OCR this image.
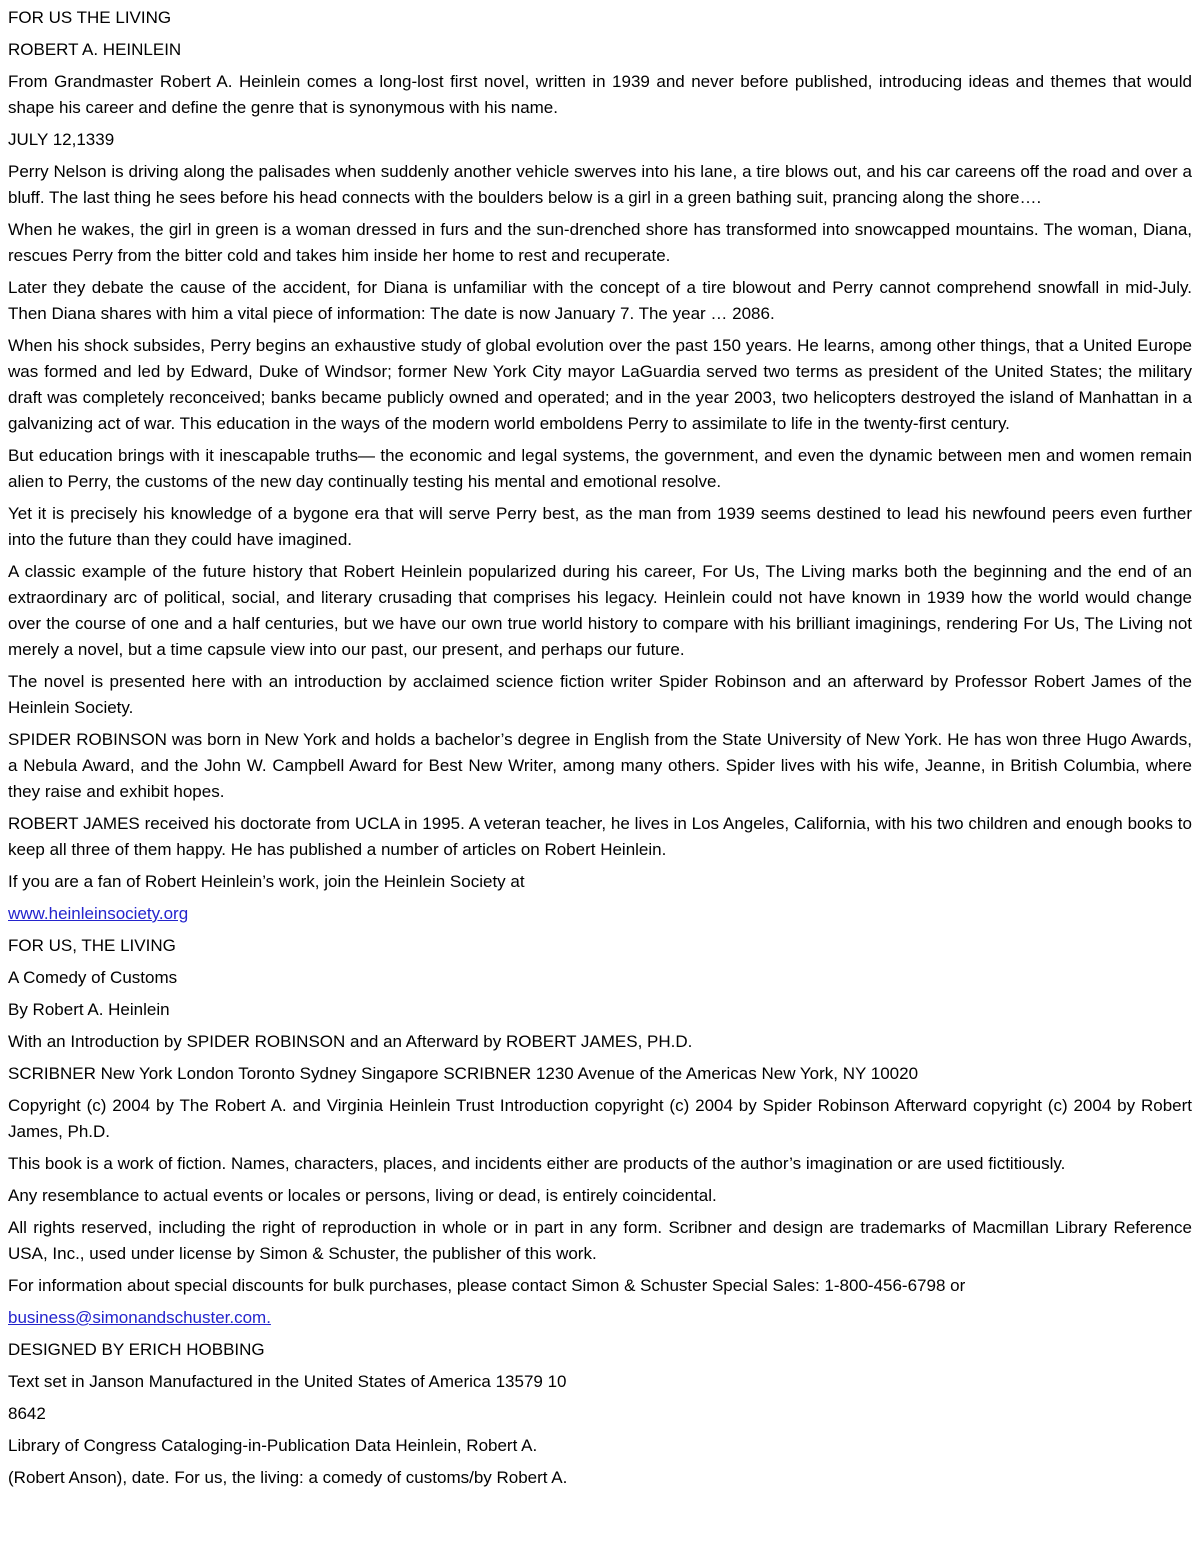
FOR US THE LIVING

ROBERT A. HEINLEIN

From Grandmaster Robert A. Heinlein comes a long-lost first novel, written in 1939 and never before published, introducing ideas and themes that would shape his career and define the genre that is synonymous with his name.

JULY 12,1339

Perry Nelson is driving along the palisades when suddenly another vehicle swerves into his lane, a tire blows out, and his car careens off the road and over a bluff. The last thing he sees before his head connects with the boulders below is a girl in a green bathing suit, prancing along the shore….

When he wakes, the girl in green is a woman dressed in furs and the sun-drenched shore has transformed into snowcapped mountains. The woman, Diana, rescues Perry from the bitter cold and takes him inside her home to rest and recuperate.

Later they debate the cause of the accident, for Diana is unfamiliar with the concept of a tire blowout and Perry cannot comprehend snowfall in mid-July. Then Diana shares with him a vital piece of information: The date is now January 7. The year … 2086.

When his shock subsides, Perry begins an exhaustive study of global evolution over the past 150 years. He learns, among other things, that a United Europe was formed and led by Edward, Duke of Windsor; former New York City mayor LaGuardia served two terms as president of the United States; the military draft was completely reconceived; banks became publicly owned and operated; and in the year 2003, two helicopters destroyed the island of Manhattan in a galvanizing act of war. This education in the ways of the modern world emboldens Perry to assimilate to life in the twenty-first century.

But education brings with it inescapable truths— the economic and legal systems, the government, and even the dynamic between men and women remain alien to Perry, the customs of the new day continually testing his mental and emotional resolve.

Yet it is precisely his knowledge of a bygone era that will serve Perry best, as the man from 1939 seems destined to lead his newfound peers even further into the future than they could have imagined.

A classic example of the future history that Robert Heinlein popularized during his career, For Us, The Living marks both the beginning and the end of an extraordinary arc of political, social, and literary crusading that comprises his legacy. Heinlein could not have known in 1939 how the world would change over the course of one and a half centuries, but we have our own true world history to compare with his brilliant imaginings, rendering For Us, The Living not merely a novel, but a time capsule view into our past, our present, and perhaps our future.

The novel is presented here with an introduction by acclaimed science fiction writer Spider Robinson and an afterward by Professor Robert James of the Heinlein Society.

SPIDER ROBINSON was born in New York and holds a bachelor’s degree in English from the State University of New York. He has won three Hugo Awards, a Nebula Award, and the John W. Campbell Award for Best New Writer, among many others. Spider lives with his wife, Jeanne, in British Columbia, where they raise and exhibit hopes.

ROBERT JAMES received his doctorate from UCLA in 1995. A veteran teacher, he lives in Los Angeles, California, with his two children and enough books to keep all three of them happy. He has published a number of articles on Robert Heinlein.

If you are a fan of Robert Heinlein’s work, join the Heinlein Society at

www.heinleinsociety.org

FOR US, THE LIVING

A Comedy of Customs

By Robert A. Heinlein

With an Introduction by SPIDER ROBINSON and an Afterward by ROBERT JAMES, PH.D.

SCRIBNER New York London Toronto Sydney Singapore SCRIBNER 1230 Avenue of the Americas New York, NY 10020

Copyright (c) 2004 by The Robert A. and Virginia Heinlein Trust Introduction copyright (c) 2004 by Spider Robinson Afterward copyright (c) 2004 by Robert James, Ph.D.

This book is a work of fiction. Names, characters, places, and incidents either are products of the author’s imagination or are used fictitiously.

Any resemblance to actual events or locales or persons, living or dead, is entirely coincidental.

All rights reserved, including the right of reproduction in whole or in part in any form. Scribner and design are trademarks of Macmillan Library Reference USA, Inc., used under license by Simon & Schuster, the publisher of this work.

For information about special discounts for bulk purchases, please contact Simon & Schuster Special Sales: 1-800-456-6798 or

business@simonandschuster.com.

DESIGNED BY ERICH HOBBING

Text set in Janson Manufactured in the United States of America 13579 10

8642

Library of Congress Cataloging-in-Publication Data Heinlein, Robert A.

(Robert Anson), date. For us, the living: a comedy of customs/by Robert A.
